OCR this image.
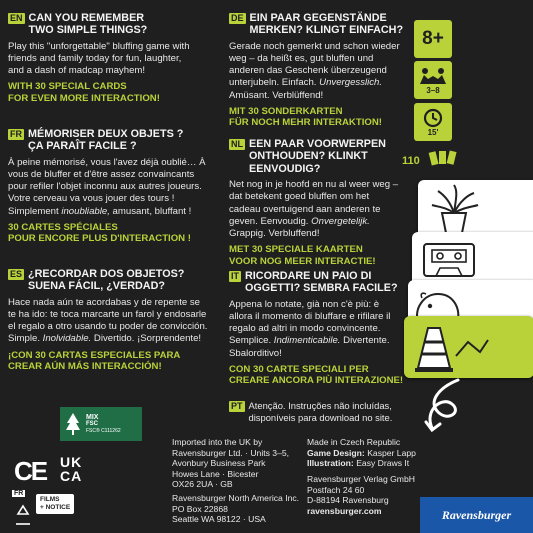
EN CAN YOU REMEMBER
TWO SIMPLE THINGS?
Play this "unforgettable" bluffing game with friends and family today for fun, laughter, and a dash of madcap mayhem!
WITH 30 SPECIAL CARDS
FOR EVEN MORE INTERACTION!
DE EIN PAAR GEGENSTÄNDE
MERKEN? KLINGT EINFACH?
Gerade noch gemerkt und schon wieder weg – da heißt es, gut bluffen und anderen das Geschenk überzeugend unterjubeln. Einfach. Unvergesslich. Amüsant. Verblüffend!
MIT 30 SONDERKARTEN
FÜR NOCH MEHR INTERAKTION!
FR MÉMORISER DEUX OBJETS ?
ÇA PARAÎT FACILE ?
À peine mémorisé, vous l'avez déjà oublié… À vous de bluffer et d'être assez convaincants pour refiler l'objet inconnu aux autres joueurs. Votre cerveau va vous jouer des tours ! Simplement inoubliable, amusant, bluffant !
30 CARTES SPÉCIALES
POUR ENCORE PLUS D'INTERACTION !
NL EEN PAAR VOORWERPEN
ONTHOUDEN? KLINKT EENVOUDIG?
Net nog in je hoofd en nu al weer weg – dat betekent goed bluffen om het cadeau overtuigend aan anderen te geven. Eenvoudig. Onvergetelijk. Grappig. Verbluffend!
MET 30 SPECIALE KAARTEN
VOOR NOG MEER INTERACTIE!
ES ¿RECORDAR DOS OBJETOS?
SUENA FÁCIL, ¿VERDAD?
Hace nada aún te acordabas y de repente se te ha ido: te toca marcarte un farol y endosarle el regalo a otro usando tu poder de convicción. Simple. Inolvidable. Divertido. ¡Sorprendente!
¡CON 30 CARTAS ESPECIALES PARA
CREAR AÚN MÁS INTERACCIÓN!
IT RICORDARE UN PAIO DI
OGGETTI? SEMBRA FACILE?
Appena lo notate, già non c'è più: è allora il momento di bluffare e rifilare il regalo ad altri in modo convincente. Semplice. Indimenticabile. Divertente. Sbalorditivo!
CON 30 CARTE SPECIALI PER
CREARE ANCORA PIÙ INTERAZIONE!
PT Atenção. Instruções não incluídas,
disponíveis para download no site.
8+
3–8
15'
110
MIX
FSC
FSC® C111262
CE UK
CA
FR
FILMS
+ NOTICE
Imported into the UK by
Ravensburger Ltd. · Units 3–5,
Avonbury Business Park
Howes Lane · Bicester
OX26 2UA · GB
Ravensburger North America Inc.
PO Box 22868
Seattle WA 98122 · USA
Made in Czech Republic
Game Design: Kasper Lapp
Illustration: Easy Draws It
Ravensburger Verlag GmbH
Postfach 24 60
D-88194 Ravensburg
ravensburger.com	Ravensburger
